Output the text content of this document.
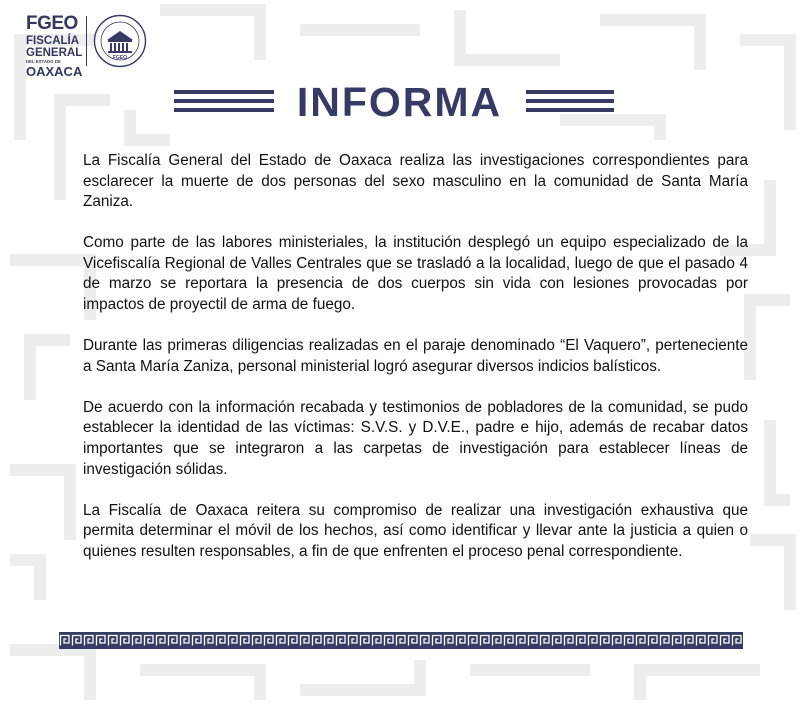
FGEO
FISCALÍA
GENERAL
DEL ESTADO DE
OAXACA
FGEO
INFORMA

La Fiscalía General del Estado de Oaxaca realiza las investigaciones correspondientes para esclarecer la muerte de dos personas del sexo masculino en la comunidad de Santa María Zaniza.

Como parte de las labores ministeriales, la institución desplegó un equipo especializado de la Vicefiscalía Regional de Valles Centrales que se trasladó a la localidad, luego de que el pasado 4 de marzo se reportara la presencia de dos cuerpos sin vida con lesiones provocadas por impactos de proyectil de arma de fuego.

Durante las primeras diligencias realizadas en el paraje denominado “El Vaquero”, perteneciente a Santa María Zaniza, personal ministerial logró asegurar diversos indicios balísticos.

De acuerdo con la información recabada y testimonios de pobladores de la comunidad, se pudo establecer la identidad de las víctimas: S.V.S. y D.V.E., padre e hijo, además de recabar datos importantes que se integraron a las carpetas de investigación para establecer líneas de investigación sólidas.

La Fiscalía de Oaxaca reitera su compromiso de realizar una investigación exhaustiva que permita determinar el móvil de los hechos, así como identificar y llevar ante la justicia a quien o quienes resulten responsables, a fin de que enfrenten el proceso penal correspondiente.
